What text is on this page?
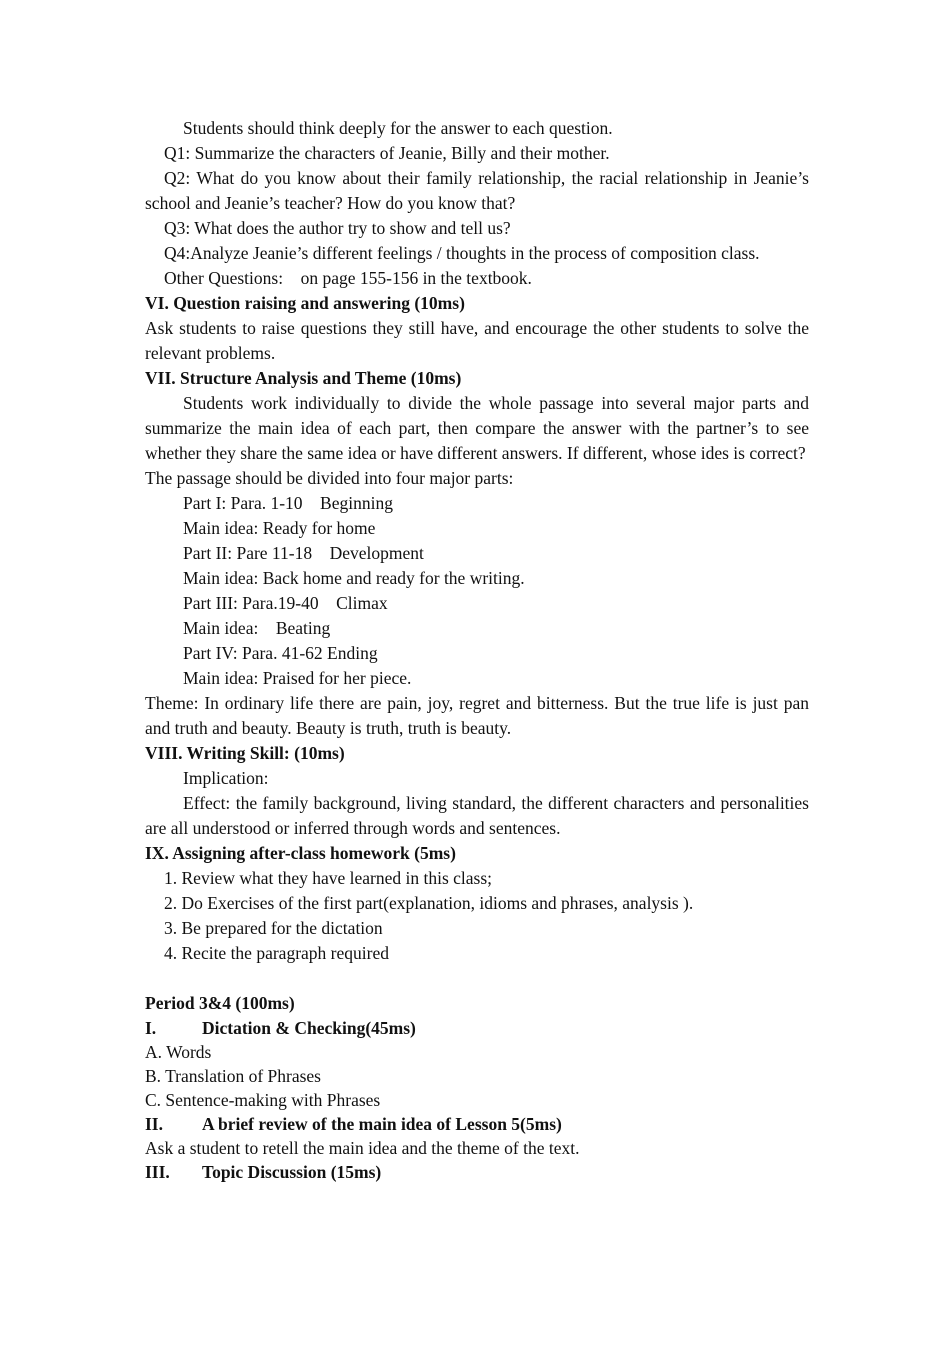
Students should think deeply for the answer to each question.

Q1: Summarize the characters of Jeanie, Billy and their mother.

Q2: What do you know about their family relationship, the racial relationship in Jeanie’s school and Jeanie’s teacher? How do you know that?

Q3: What does the author try to show and tell us?

Q4:Analyze Jeanie’s different feelings / thoughts in the process of composition class.

Other Questions:    on page 155-156 in the textbook.

VI. Question raising and answering (10ms)

Ask students to raise questions they still have, and encourage the other students to solve the relevant problems.

VII. Structure Analysis and Theme (10ms)

Students work individually to divide the whole passage into several major parts and summarize the main idea of each part, then compare the answer with the partner’s to see whether they share the same idea or have different answers. If different, whose ides is correct?

The passage should be divided into four major parts:

Part I: Para. 1-10    Beginning

Main idea: Ready for home

Part II: Pare 11-18    Development

Main idea: Back home and ready for the writing.

Part III: Para.19-40    Climax

Main idea:    Beating

Part IV: Para. 41-62 Ending

Main idea: Praised for her piece.

Theme: In ordinary life there are pain, joy, regret and bitterness. But the true life is just pan and truth and beauty. Beauty is truth, truth is beauty.

VIII. Writing Skill: (10ms)

Implication:

Effect: the family background, living standard, the different characters and personalities are all understood or inferred through words and sentences.

IX. Assigning after-class homework (5ms)

1. Review what they have learned in this class;

2. Do Exercises of the first part(explanation, idioms and phrases, analysis ).

3. Be prepared for the dictation

4. Recite the paragraph required

Period 3&4 (100ms)

I.	Dictation & Checking(45ms)

A. Words

B. Translation of Phrases

C. Sentence-making with Phrases

II. A brief review of the main idea of Lesson 5(5ms)

Ask a student to retell the main idea and the theme of the text.

III. Topic Discussion (15ms)
